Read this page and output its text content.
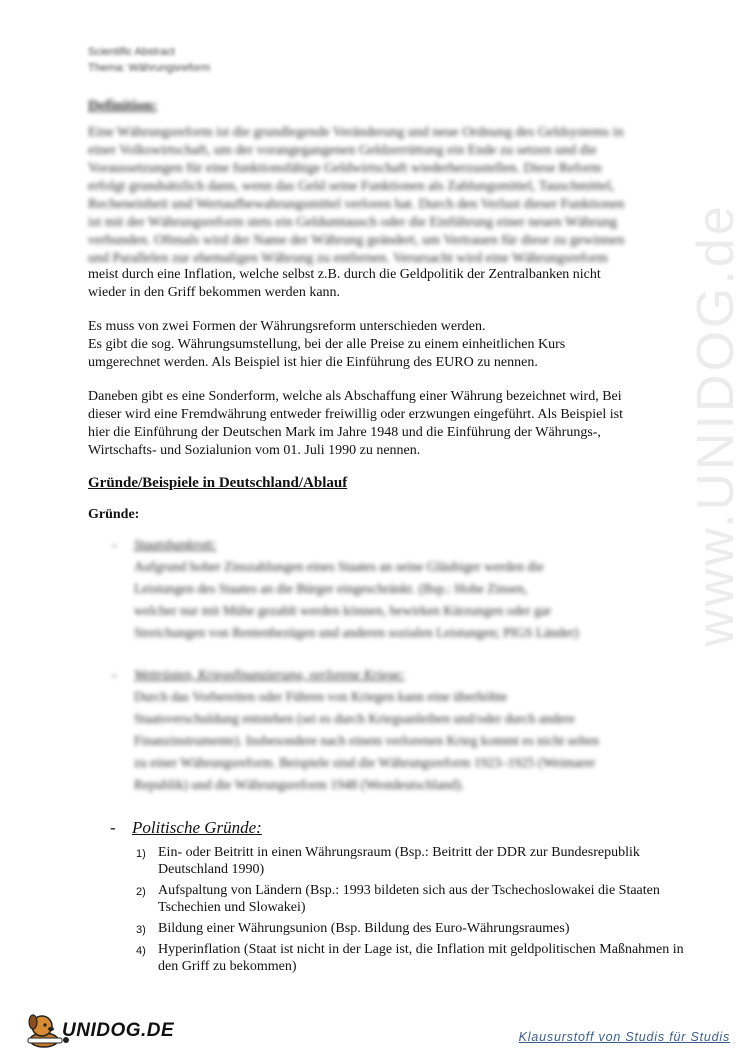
www.UNIDOG.de
Scientific Abstract
Thema: Währungsreform
Definition:
Eine Währungsreform ist die grundlegende Veränderung und neue Ordnung des Geldsystems in
einer Volkswirtschaft, um der vorangegangenen Geldzerrüttung ein Ende zu setzen und die
Voraussetzungen für eine funktionsfähige Geldwirtschaft wiederherzustellen. Diese Reform
erfolgt grundsätzlich dann, wenn das Geld seine Funktionen als Zahlungsmittel, Tauschmittel,
Recheneinheit und Wertaufbewahrungsmittel verloren hat. Durch den Verlust dieser Funktionen
ist mit der Währungsreform stets ein Geldumtausch oder die Einführung einer neuen Währung
verbunden. Oftmals wird der Name der Währung geändert, um Vertrauen für diese zu gewinnen
und Parallelen zur ehemaligen Währung zu entfernen. Verursacht wird eine Währungsreform
meist durch eine Inflation, welche selbst z.B. durch die Geldpolitik der Zentralbanken nicht
wieder in den Griff bekommen werden kann.
Es muss von zwei Formen der Währungsreform unterschieden werden.
Es gibt die sog. Währungsumstellung, bei der alle Preise zu einem einheitlichen Kurs
umgerechnet werden. Als Beispiel ist hier die Einführung des EURO zu nennen.
Daneben gibt es eine Sonderform, welche als Abschaffung einer Währung bezeichnet wird, Bei
dieser wird eine Fremdwährung entweder freiwillig oder erzwungen eingeführt. Als Beispiel ist
hier die Einführung der Deutschen Mark im Jahre 1948 und die Einführung der Währungs-,
Wirtschafts- und Sozialunion vom 01. Juli 1990 zu nennen.
Gründe/Beispiele in Deutschland/Ablauf
Gründe:
- Staatsbankrott:
Aufgrund hoher Zinszahlungen eines Staates an seine Gläubiger werden die
Leistungen des Staates an die Bürger eingeschränkt. (Bsp.: Hohe Zinsen,
welcher nur mit Mühe gezahlt werden können, bewirken Kürzungen oder gar
Streichungen von Rentenbezügen und anderen sozialen Leistungen; PIGS Länder)
- Wettrüsten, Kriegsfinanzierung, verlorene Kriege:
Durch das Vorbereiten oder Führen von Kriegen kann eine überhöhte
Staatsverschuldung entstehen (sei es durch Kriegsanleihen und/oder durch andere
Finanzinstrumente). Insbesondere nach einem verlorenen Krieg kommt es nicht selten
zu einer Währungsreform. Beispiele sind die Währungsreform 1923–1925 (Weimarer
Republik) und die Währungsreform 1948 (Westdeutschland).
- Politische Gründe:
1) Ein- oder Beitritt in einen Währungsraum (Bsp.: Beitritt der DDR zur Bundesrepublik Deutschland 1990)
2) Aufspaltung von Ländern (Bsp.: 1993 bildeten sich aus der Tschechoslowakei die Staaten Tschechien und Slowakei)
3) Bildung einer Währungsunion (Bsp. Bildung des Euro-Währungsraumes)
4) Hyperinflation (Staat ist nicht in der Lage ist, die Inflation mit geldpolitischen Maßnahmen in den Griff zu bekommen)
UNIDOG.DE	Klausurstoff von Studis für Studis
